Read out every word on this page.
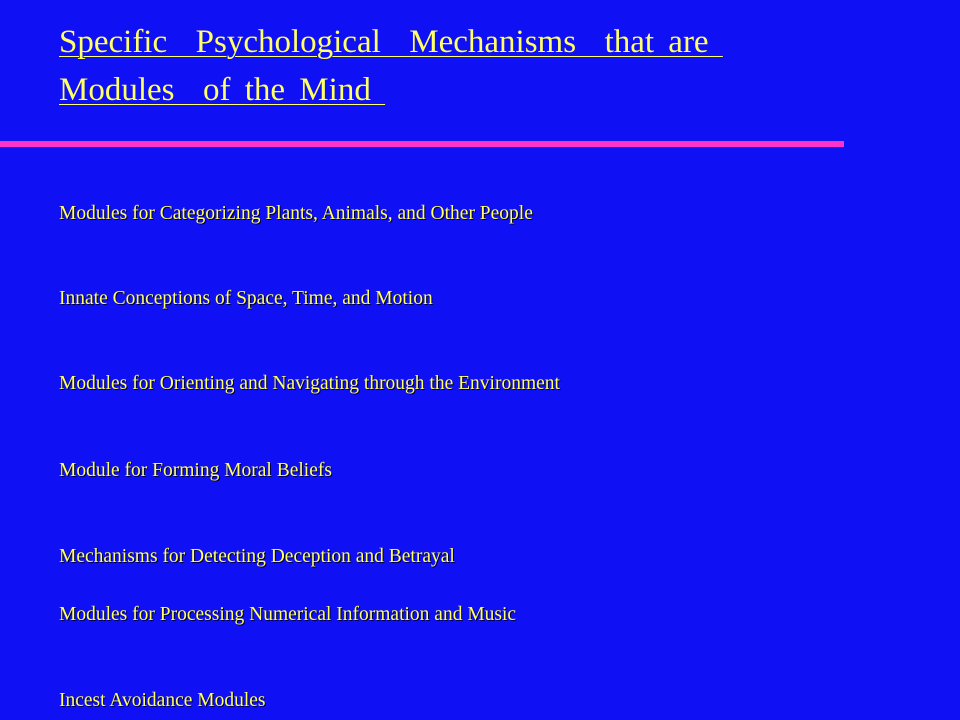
Specific  Psychological  Mechanisms  that are
Modules  of the Mind
Modules for Categorizing Plants, Animals, and Other People
Innate Conceptions of Space, Time, and Motion
Modules for Orienting and Navigating through the Environment
Module for Forming Moral Beliefs
Mechanisms for Detecting Deception and Betrayal
Modules for Processing Numerical Information and Music
Incest Avoidance Modules
